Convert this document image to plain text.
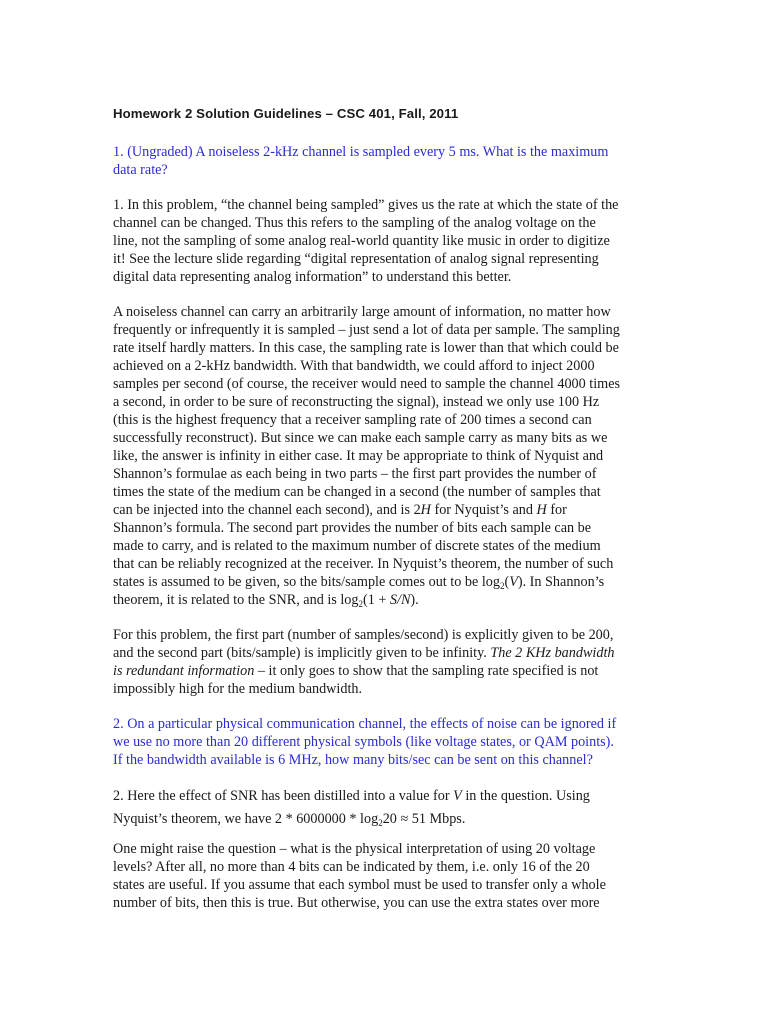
Homework 2 Solution Guidelines – CSC 401, Fall, 2011
1. (Ungraded) A noiseless 2-kHz channel is sampled every 5 ms. What is the maximum
data rate?
1. In this problem, “the channel being sampled” gives us the rate at which the state of the
channel can be changed. Thus this refers to the sampling of the analog voltage on the
line, not the sampling of some analog real-world quantity like music in order to digitize
it! See the lecture slide regarding “digital representation of analog signal representing
digital data representing analog information” to understand this better.
A noiseless channel can carry an arbitrarily large amount of information, no matter how
frequently or infrequently it is sampled – just send a lot of data per sample. The sampling
rate itself hardly matters. In this case, the sampling rate is lower than that which could be
achieved on a 2-kHz bandwidth. With that bandwidth, we could afford to inject 2000
samples per second (of course, the receiver would need to sample the channel 4000 times
a second, in order to be sure of reconstructing the signal), instead we only use 100 Hz
(this is the highest frequency that a receiver sampling rate of 200 times a second can
successfully reconstruct). But since we can make each sample carry as many bits as we
like, the answer is infinity in either case. It may be appropriate to think of Nyquist and
Shannon’s formulae as each being in two parts – the first part provides the number of
times the state of the medium can be changed in a second (the number of samples that
can be injected into the channel each second), and is 2H for Nyquist’s and H for
Shannon’s formula. The second part provides the number of bits each sample can be
made to carry, and is related to the maximum number of discrete states of the medium
that can be reliably recognized at the receiver. In Nyquist’s theorem, the number of such
states is assumed to be given, so the bits/sample comes out to be $\log_2(V)$. In Shannon’s
theorem, it is related to the SNR, and is $\log_2(1 + S/N)$.
For this problem, the first part (number of samples/second) is explicitly given to be 200,
and the second part (bits/sample) is implicitly given to be infinity. The 2 KHz bandwidth
is redundant information – it only goes to show that the sampling rate specified is not
impossibly high for the medium bandwidth.
2. On a particular physical communication channel, the effects of noise can be ignored if
we use no more than 20 different physical symbols (like voltage states, or QAM points).
If the bandwidth available is 6 MHz, how many bits/sec can be sent on this channel?
2. Here the effect of SNR has been distilled into a value for V in the question. Using
Nyquist’s theorem, we have $2 * 6000000 * \log_220 \approx 51$ Mbps.
One might raise the question – what is the physical interpretation of using 20 voltage
levels? After all, no more than 4 bits can be indicated by them, i.e. only 16 of the 20
states are useful. If you assume that each symbol must be used to transfer only a whole
number of bits, then this is true. But otherwise, you can use the extra states over more
